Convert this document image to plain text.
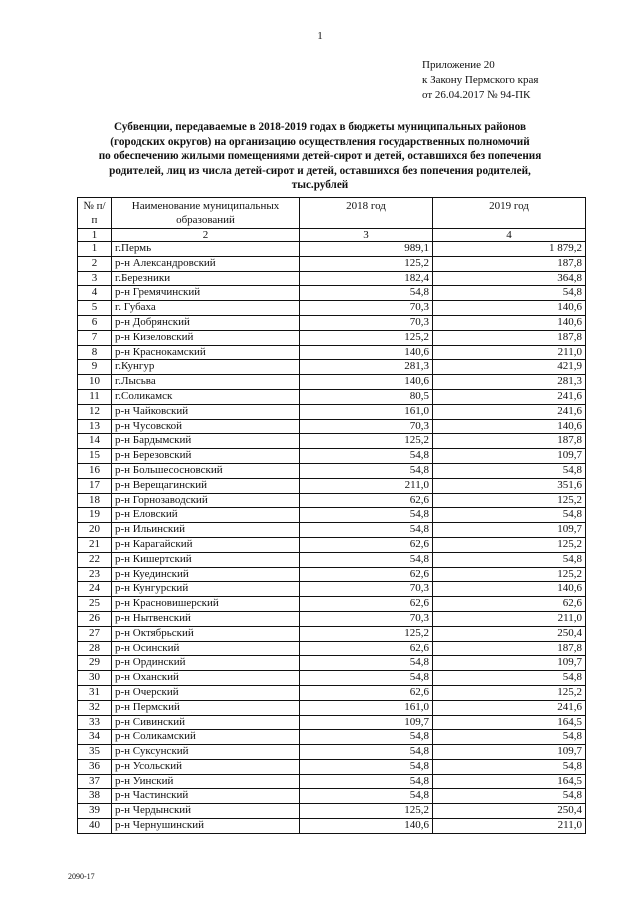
1
Приложение 20
к Закону Пермского края
от 26.04.2017 № 94-ПК
Субвенции, передаваемые в 2018-2019 годах в бюджеты муниципальных районов
(городских округов) на организацию осуществления государственных полномочий
по обеспечению жилыми помещениями детей-сирот и детей, оставшихся без попечения
родителей, лиц из числа детей-сирот и детей, оставшихся без попечения родителей,
тыс.рублей
№ п/п	Наименование муниципальных образований	2018 год	2019 год
1	2	3	4
1	г.Пермь	989,1	1 879,2
2	р-н Александровский	125,2	187,8
3	г.Березники	182,4	364,8
4	р-н Гремячинский	54,8	54,8
5	г. Губаха	70,3	140,6
6	р-н Добрянский	70,3	140,6
7	р-н Кизеловский	125,2	187,8
8	р-н Краснокамский	140,6	211,0
9	г.Кунгур	281,3	421,9
10	г.Лысьва	140,6	281,3
11	г.Соликамск	80,5	241,6
12	р-н Чайковский	161,0	241,6
13	р-н Чусовской	70,3	140,6
14	р-н Бардымский	125,2	187,8
15	р-н Березовский	54,8	109,7
16	р-н Большесосновский	54,8	54,8
17	р-н Верещагинский	211,0	351,6
18	р-н Горнозаводский	62,6	125,2
19	р-н Еловский	54,8	54,8
20	р-н Ильинский	54,8	109,7
21	р-н Карагайский	62,6	125,2
22	р-н Кишертский	54,8	54,8
23	р-н Куединский	62,6	125,2
24	р-н Кунгурский	70,3	140,6
25	р-н Красновишерский	62,6	62,6
26	р-н Нытвенский	70,3	211,0
27	р-н Октябрьский	125,2	250,4
28	р-н Осинский	62,6	187,8
29	р-н Ординский	54,8	109,7
30	р-н Оханский	54,8	54,8
31	р-н Очерский	62,6	125,2
32	р-н Пермский	161,0	241,6
33	р-н Сивинский	109,7	164,5
34	р-н Соликамский	54,8	54,8
35	р-н Суксунский	54,8	109,7
36	р-н Усольский	54,8	54,8
37	р-н Уинский	54,8	164,5
38	р-н Частинский	54,8	54,8
39	р-н Чердынский	125,2	250,4
40	р-н Чернушинский	140,6	211,0
2090-17
